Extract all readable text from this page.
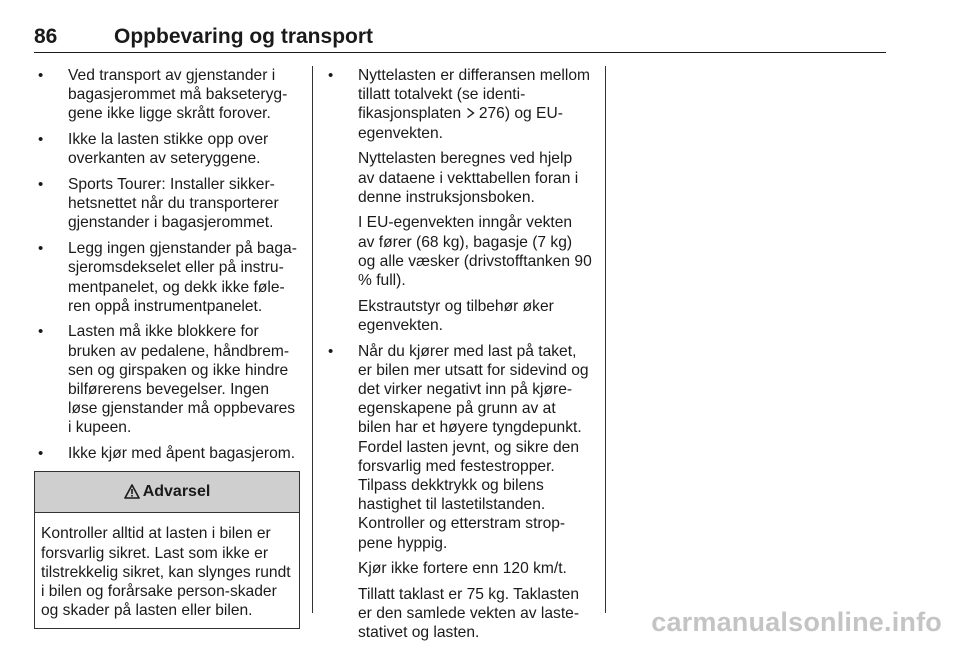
86	Oppbevaring og transport
• Ved transport av gjenstander i bagasjerommet må bakseteryg-gene ikke ligge skrått forover.
• Ikke la lasten stikke opp over overkanten av seteryggene.
• Sports Tourer: Installer sikker-hetsnettet når du transporterer gjenstander i bagasjerommet.
• Legg ingen gjenstander på baga-sjeromsdekselet eller på instru-mentpanelet, og dekk ikke føle-ren oppå instrumentpanelet.
• Lasten må ikke blokkere for bruken av pedalene, håndbrem-sen og girspaken og ikke hindre bilførerens bevegelser. Ingen løse gjenstander må oppbevares i kupeen.
• Ikke kjør med åpent bagasjerom.
Advarsel
Kontroller alltid at lasten i bilen er forsvarlig sikret. Last som ikke er tilstrekkelig sikret, kan slynges rundt i bilen og forårsake person-skader og skader på lasten eller bilen.
• Nyttelasten er differansen mellom tillatt totalvekt (se identi-fikasjonsplaten  276) og EU-egenvekten.
Nyttelasten beregnes ved hjelp av dataene i vekttabellen foran i denne instruksjonsboken.
I EU-egenvekten inngår vekten av fører (68 kg), bagasje (7 kg) og alle væsker (drivstofftanken 90 % full).
Ekstrautstyr og tilbehør øker egenvekten.
• Når du kjører med last på taket, er bilen mer utsatt for sidevind og det virker negativt inn på kjøre-egenskapene på grunn av at bilen har et høyere tyngdepunkt. Fordel lasten jevnt, og sikre den forsvarlig med festestropper. Tilpass dekktrykk og bilens hastighet til lastetilstanden. Kontroller og etterstram strop-pene hyppig.
Kjør ikke fortere enn 120 km/t.
Tillatt taklast er 75 kg. Taklasten er den samlede vekten av laste-stativet og lasten.	carmanualsonline.info
